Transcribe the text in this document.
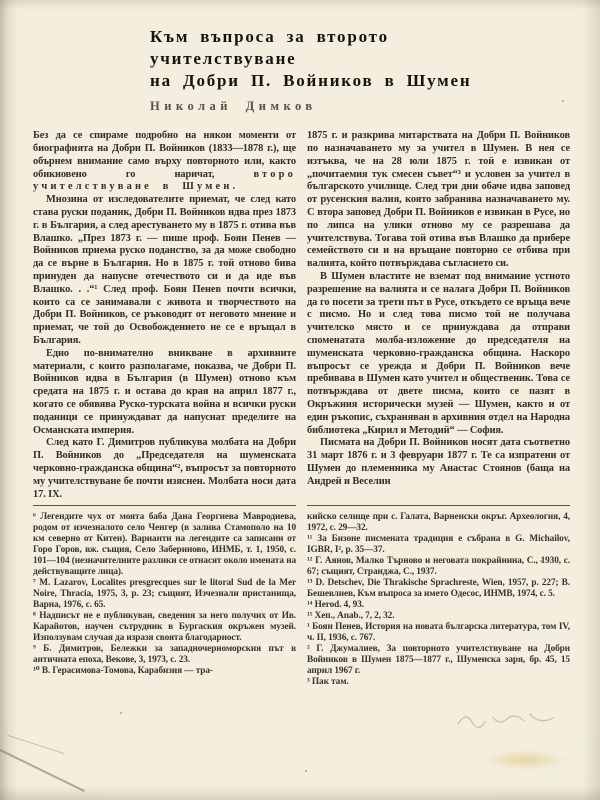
Към въпроса за второто
учителствуване
на Добри П. Войников в Шумен
Николай Димков

Без да се спираме подробно на някои моменти от биографията на Добри П. Войников (1833—1878 г.), ще обърнем внимание само върху повторното или, както обикновено го наричат, второ учителствуване в Шумен.

Мнозина от изследователите приемат, че след като става руски поданик, Добри П. Войников идва през 1873 г. в България, а след арестуването му в 1875 г. отива във Влашко. „През 1873 г. — пише проф. Боян Пенев — Войников приема руско поданство, за да може свободно да се върне в България. Но в 1875 г. той отново бива принуден да напусне отечеството си и да иде във Влашко. . .“¹ След проф. Боян Пенев почти всички, които са се занимавали с живота и творчеството на Добри П. Войников, се ръководят от неговото мнение и приемат, че той до Освобождението не се е връщал в България.

Едно по-внимателно вникване в архивните материали, с които разполагаме, показва, че Добри П. Войников идва в България (в Шумен) отново към средата на 1875 г. и остава до края на април 1877 г., когато се обявява Руско-турската война и всички руски поданици се принуждават да напуснат пределите на Османската империя.

След като Г. Димитров публикува молбата на Добри П. Войников до „Председателя на шуменската черковно-гражданска община“², въпросът за повторното му учителствуване бе почти изяснен. Молбата носи дата 17. IX.

⁶ Легендите чух от моята баба Дана Георгиева Мавродиева, родом от изчезналото село Ченгер (в залива Стамополо на 10 км северно от Китен). Варианти на легендите са записани от Горо Горов, вж. същия, Село Забериново, ИНМБ, т. 1, 1950, с. 101—104 (незначителните разлики се отнасят около имената на действуващите лица).

⁷ М. Lazarov, Localites presgrecques sur le litoral Sud de la Mer Noire, Thracia, 1975, 3, p. 23; същият, Изчезнали пристанища, Варна, 1976, с. 65.

⁸ Надписът не е публикуван, сведения за него получих от Ив. Карайотов, научен сътрудник в Бургаския окръжен музей. Използувам случая да изразя своята благодарност.

⁹ Б. Димитров, Бележки за западночерноморския път в античната епоха, Векове, 3, 1973, с. 23.

¹⁰ В. Герасимова-Томова, Карабизия — тра-

1875 г. и разкрива митарствата на Добри П. Войников по назначаването му за учител в Шумен. В нея се изтъква, че на 28 юли 1875 г. той е извикан от „почитаемия тук смесен съвет“³ и условен за учител в българското училище. След три дни обаче идва заповед от русенския валия, която забранява назначаването му. С втора заповед Добри П. Войников е извикан в Русе, но по липса на улики отново му се разрешава да учителствува. Тогава той отива във Влашко да прибере семейството си и на връщане повторно се отбива при валията, който потвърждава съгласието си.

В Шумен властите не вземат под внимание устното разрешение на валията и се налага Добри П. Войников да го посети за трети път в Русе, откъдето се връща вече с писмо. Но и след това писмо той не получава учителско място и се принуждава да отправи споменатата молба-изложение до председателя на шуменската черковно-гражданска община. Наскоро въпросът се урежда и Добри П. Войников вече пребивава в Шумен като учител и общественик. Това се потвърждава от двете писма, които се пазят в Окръжния исторически музей — Шумен, както и от един ръкопис, съхраняван в архивния отдел на Народна библиотека „Кирил и Методий“ — София.

Писмата на Добри П. Войников носят дата съответно 31 март 1876 г. и 3 февруари 1877 г. Те са изпратени от Шумен до племенника му Анастас Стоянов (баща на Андрей и Веселин

кийско селище при с. Галата, Варненски окръг. Археология, 4, 1972, с. 29—32.

¹¹ За Бизоне писмената традиция е събрана в G. Michailov, IGBR, I², p. 35—37.

¹² Г. Аянов, Малко Търново и неговата покрайнина, С., 1930, с. 67; същият, Странджа, С., 1937.

¹³ D. Detschev, Die Thrakische Sprachreste, Wien, 1957, p. 227; В. Бешевлиев, Към въпроса за името Одесос, ИНМВ, 1974, с. 5.

¹⁴ Herod. 4, 93.

¹⁵ Хеп., Anab., 7, 2, 32.

¹ Боян Пенев, История на новата българска литература, том IV, ч. II, 1936, с. 767.

² Г. Джумалиев, За повторното учителствуване на Добри Войников в Шумен 1875—1877 г., Шуменска заря, бр. 45, 15 април 1967 г.

³ Пак там.
